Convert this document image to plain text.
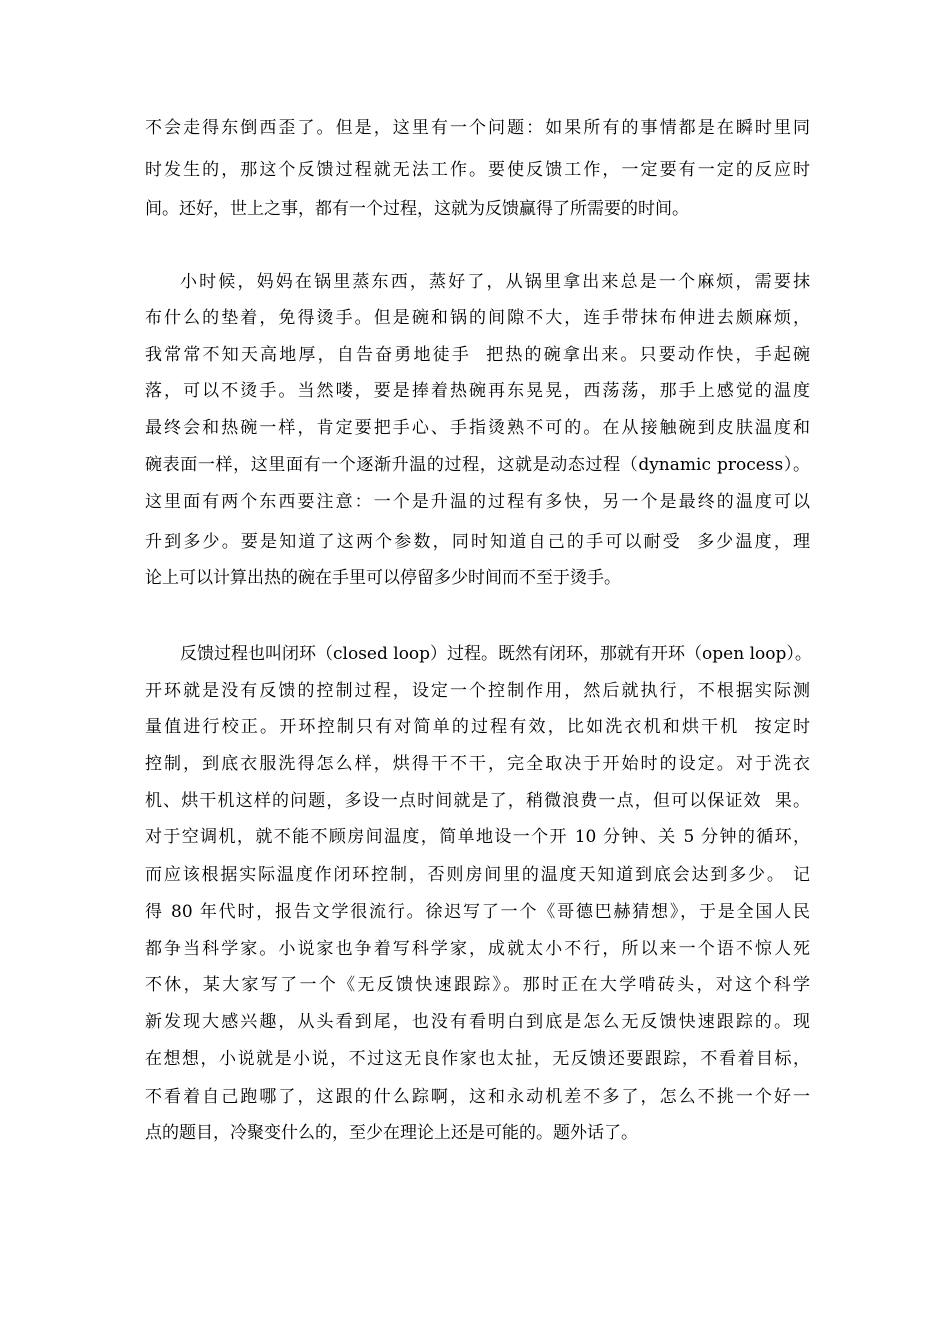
不会走得东倒西歪了。但是，这里有一个问题：如果所有的事情都是在瞬时里同
时发生的，那这个反馈过程就无法工作。要使反馈工作，一定要有一定的反应时
间。还好，世上之事，都有一个过程，这就为反馈赢得了所需要的时间。
小时候，妈妈在锅里蒸东西，蒸好了，从锅里拿出来总是一个麻烦，需要抹
布什么的垫着，免得烫手。但是碗和锅的间隙不大，连手带抹布伸进去颇麻烦，
我常常不知天高地厚，自告奋勇地徒手  把热的碗拿出来。只要动作快，手起碗
落，可以不烫手。当然喽，要是捧着热碗再东晃晃，西荡荡，那手上感觉的温度
最终会和热碗一样，肯定要把手心、手指烫熟不可的。在从接触碗到皮肤温度和
碗表面一样，这里面有一个逐渐升温的过程，这就是动态过程（dynamic process）。
这里面有两个东西要注意：一个是升温的过程有多快，另一个是最终的温度可以
升到多少。要是知道了这两个参数，同时知道自己的手可以耐受  多少温度，理
论上可以计算出热的碗在手里可以停留多少时间而不至于烫手。
反馈过程也叫闭环（closed loop）过程。既然有闭环，那就有开环（open loop）。
开环就是没有反馈的控制过程，设定一个控制作用，然后就执行，不根据实际测
量值进行校正。开环控制只有对简单的过程有效，比如洗衣机和烘干机  按定时
控制，到底衣服洗得怎么样，烘得干不干，完全取决于开始时的设定。对于洗衣
机、烘干机这样的问题，多设一点时间就是了，稍微浪费一点，但可以保证效  果。
对于空调机，就不能不顾房间温度，简单地设一个开 10 分钟、关 5 分钟的循环，
而应该根据实际温度作闭环控制，否则房间里的温度天知道到底会达到多少。 记
得 80 年代时，报告文学很流行。徐迟写了一个《哥德巴赫猜想》，于是全国人民
都争当科学家。小说家也争着写科学家，成就太小不行，所以来一个语不惊人死
不休，某大家写了一个《无反馈快速跟踪》。那时正在大学啃砖头，对这个科学
新发现大感兴趣，从头看到尾，也没有看明白到底是怎么无反馈快速跟踪的。现
在想想，小说就是小说，不过这无良作家也太扯，无反馈还要跟踪，不看着目标，
不看着自己跑哪了，这跟的什么踪啊，这和永动机差不多了，怎么不挑一个好一
点的题目，冷聚变什么的，至少在理论上还是可能的。题外话了。
